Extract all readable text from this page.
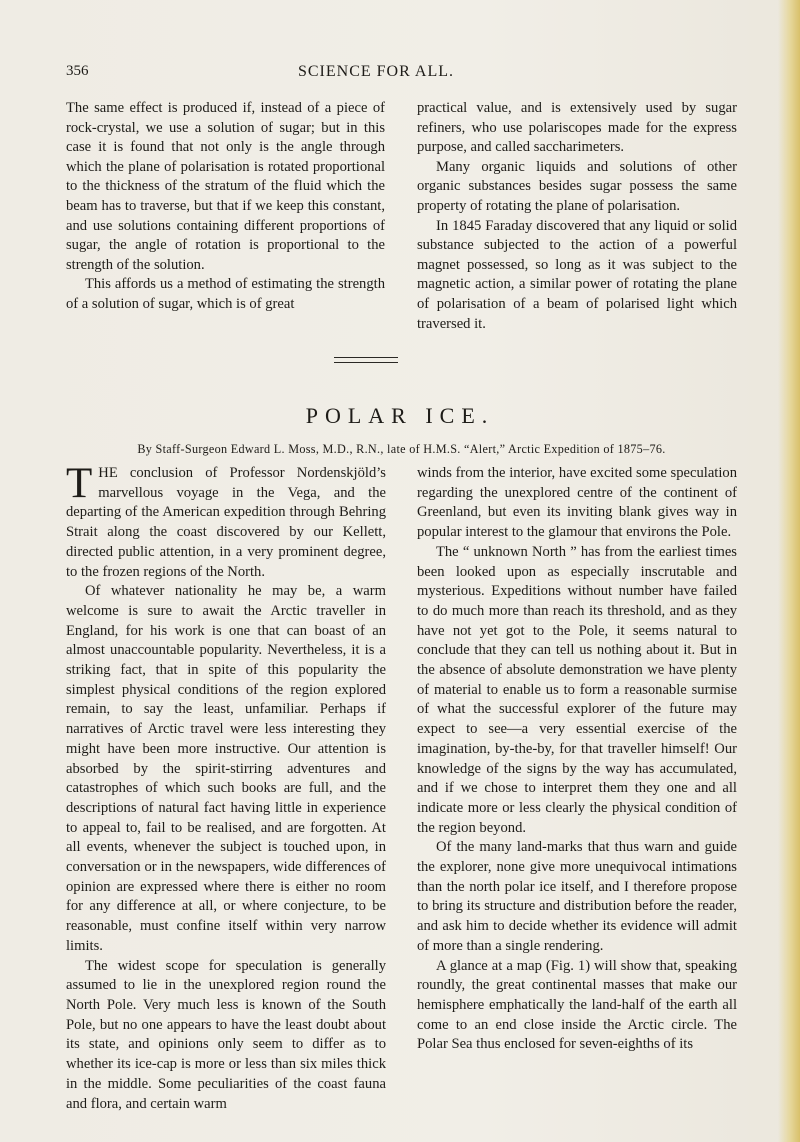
356	SCIENCE FOR ALL.

The same effect is produced if, instead of a piece of rock-crystal, we use a solution of sugar; but in this case it is found that not only is the angle through which the plane of polarisation is rotated proportional to the thickness of the stratum of the fluid which the beam has to traverse, but that if we keep this constant, and use solutions containing different proportions of sugar, the angle of rotation is proportional to the strength of the solution.

This affords us a method of estimating the strength of a solution of sugar, which is of great

practical value, and is extensively used by sugar refiners, who use polariscopes made for the express purpose, and called saccharimeters.

Many organic liquids and solutions of other organic substances besides sugar possess the same property of rotating the plane of polarisation.

In 1845 Faraday discovered that any liquid or solid substance subjected to the action of a powerful magnet possessed, so long as it was subject to the magnetic action, a similar power of rotating the plane of polarisation of a beam of polarised light which traversed it.

POLAR ICE.
By Staff-Surgeon Edward L. Moss, M.D., R.N., late of H.M.S. “Alert,” Arctic Expedition of 1875–76.

THE conclusion of Professor Nordenskjöld’s marvellous voyage in the Vega, and the departing of the American expedition through Behring Strait along the coast discovered by our Kellett, directed public attention, in a very prominent degree, to the frozen regions of the North.

Of whatever nationality he may be, a warm welcome is sure to await the Arctic traveller in England, for his work is one that can boast of an almost unaccountable popularity. Nevertheless, it is a striking fact, that in spite of this popularity the simplest physical conditions of the region explored remain, to say the least, unfamiliar. Perhaps if narratives of Arctic travel were less interesting they might have been more instructive. Our attention is absorbed by the spirit-stirring adventures and catastrophes of which such books are full, and the descriptions of natural fact having little in experience to appeal to, fail to be realised, and are forgotten. At all events, whenever the subject is touched upon, in conversation or in the newspapers, wide differences of opinion are expressed where there is either no room for any difference at all, or where conjecture, to be reasonable, must confine itself within very narrow limits.

The widest scope for speculation is generally assumed to lie in the unexplored region round the North Pole. Very much less is known of the South Pole, but no one appears to have the least doubt about its state, and opinions only seem to differ as to whether its ice-cap is more or less than six miles thick in the middle. Some peculiarities of the coast fauna and flora, and certain warm

winds from the interior, have excited some speculation regarding the unexplored centre of the continent of Greenland, but even its inviting blank gives way in popular interest to the glamour that environs the Pole.

The “ unknown North ” has from the earliest times been looked upon as especially inscrutable and mysterious. Expeditions without number have failed to do much more than reach its threshold, and as they have not yet got to the Pole, it seems natural to conclude that they can tell us nothing about it. But in the absence of absolute demonstration we have plenty of material to enable us to form a reasonable surmise of what the successful explorer of the future may expect to see—a very essential exercise of the imagination, by-the-by, for that traveller himself! Our knowledge of the signs by the way has accumulated, and if we chose to interpret them they one and all indicate more or less clearly the physical condition of the region beyond.

Of the many land-marks that thus warn and guide the explorer, none give more unequivocal intimations than the north polar ice itself, and I therefore propose to bring its structure and distribution before the reader, and ask him to decide whether its evidence will admit of more than a single rendering.

A glance at a map (Fig. 1) will show that, speaking roundly, the great continental masses that make our hemisphere emphatically the land-half of the earth all come to an end close inside the Arctic circle. The Polar Sea thus enclosed for seven-eighths of its
